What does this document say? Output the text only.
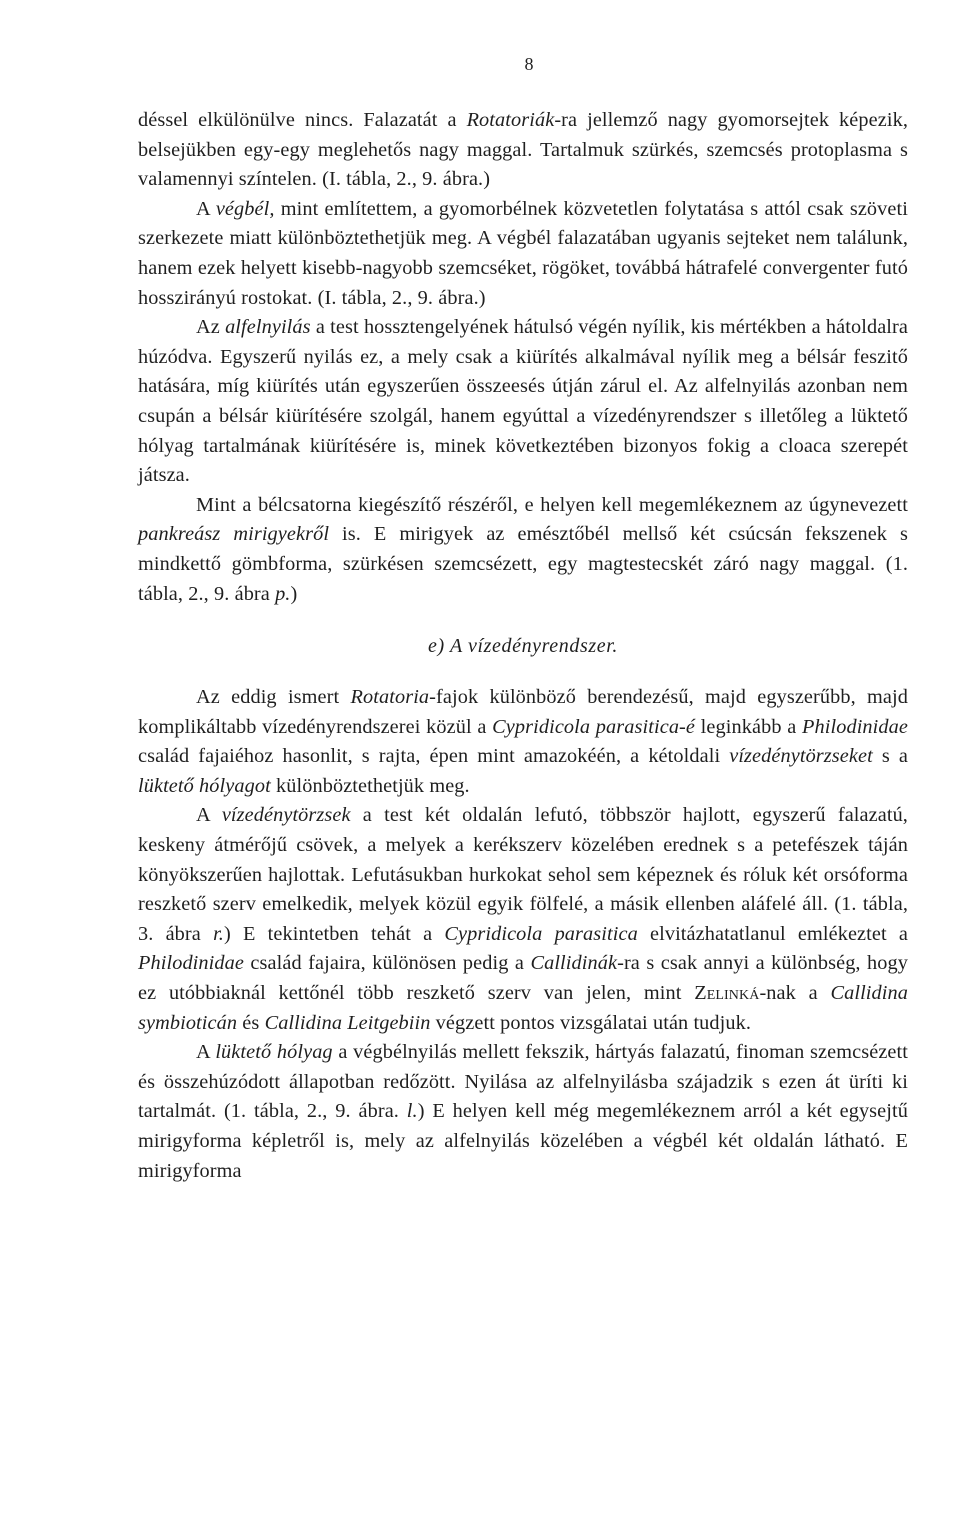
8

déssel elkülönülve nincs. Falazatát a Rotatoriák-ra jellemző nagy gyomorsejtek képezik, belsejükben egy-egy meglehetős nagy maggal. Tartalmuk szürkés, szemcsés protoplasma s valamennyi színtelen. (I. tábla, 2., 9. ábra.)

A végbél, mint említettem, a gyomorbélnek közvetetlen folytatása s attól csak szöveti szerkezete miatt különböztethetjük meg. A végbél falazatában ugyanis sejteket nem találunk, hanem ezek helyett kisebb-nagyobb szemcséket, rögöket, továbbá hátrafelé convergenter futó hosszirányú rostokat. (I. tábla, 2., 9. ábra.)

Az alfelnyilás a test hossztengelyének hátulsó végén nyílik, kis mértékben a hátoldalra húzódva. Egyszerű nyilás ez, a mely csak a kiürítés alkalmával nyílik meg a bélsár feszitő hatására, míg kiürítés után egyszerűen összeesés útján zárul el. Az alfelnyilás azonban nem csupán a bélsár kiürítésére szolgál, hanem egyúttal a vízedényrendszer s illetőleg a lüktető hólyag tartalmának kiürítésére is, minek következtében bizonyos fokig a cloaca szerepét játsza.

Mint a bélcsatorna kiegészítő részéről, e helyen kell megemlékeznem az úgynevezett pankreász mirigyekről is. E mirigyek az emésztőbél mellső két csúcsán fekszenek s mindkettő gömbforma, szürkésen szemcsézett, egy magtestecskét záró nagy maggal. (1. tábla, 2., 9. ábra p.)

e) A vízedényrendszer.

Az eddig ismert Rotatoria-fajok különböző berendezésű, majd egyszerűbb, majd komplikáltabb vízedényrendszerei közül a Cypridicola parasitica-é leginkább a Philodinidae család fajaiéhoz hasonlit, s rajta, épen mint amazokéén, a kétoldali vízedénytörzseket s a lüktető hólyagot különböztethetjük meg.

A vízedénytörzsek a test két oldalán lefutó, többször hajlott, egyszerű falazatú, keskeny átmérőjű csövek, a melyek a kerékszerv közelében erednek s a petefészek táján könyökszerűen hajlottak. Lefutásukban hurkokat sehol sem képeznek és róluk két orsóforma reszkető szerv emelkedik, melyek közül egyik fölfelé, a másik ellenben aláfelé áll. (1. tábla, 3. ábra r.) E tekintetben tehát a Cypridicola parasitica elvitázhatatlanul emlékeztet a Philodinidae család fajaira, különösen pedig a Callidinák-ra s csak annyi a különbség, hogy ez utóbbiaknál kettőnél több reszkető szerv van jelen, mint Zelinká-nak a Callidina symbioticán és Callidina Leitgebiin végzett pontos vizsgálatai után tudjuk.

A lüktető hólyag a végbélnyilás mellett fekszik, hártyás falazatú, finoman szemcsézett és összehúzódott állapotban redőzött. Nyilása az alfelnyilásba szájadzik s ezen át üríti ki tartalmát. (1. tábla, 2., 9. ábra. l.) E helyen kell még megemlékeznem arról a két egysejtű mirigyforma képletről is, mely az alfelnyilás közelében a végbél két oldalán látható. E mirigyforma
